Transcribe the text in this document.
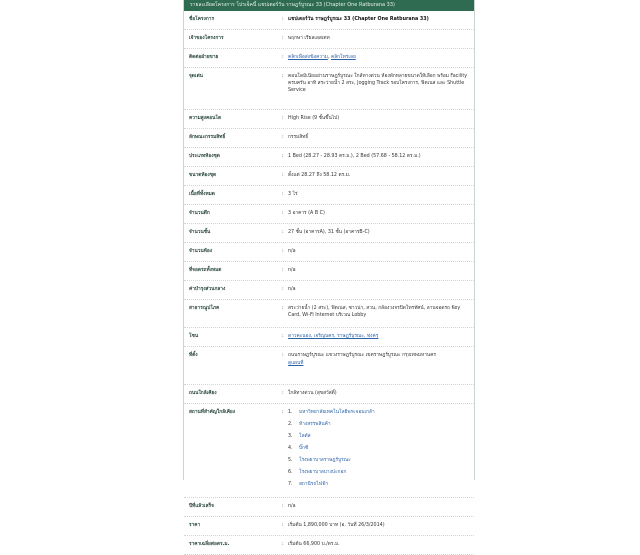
รายละเอียดโครงการ โปรเจ็คนี้ แชปเตอร์วัน ราษฎร์บูรณะ 33 (Chapter One Ratburana 33)
ชื่อโครงการ	: แชปเตอร์วัน ราษฎร์บูรณะ 33 (Chapter One Ratburana 33)
เจ้าของโครงการ	: พฤกษา เรียลเอสเตท
ติดต่อฝ่ายขาย	: คลิกเพื่อส่งข้อความ, คลิกโทรเลย
จุดเด่น	: คอนโดมิเนียมย่านราษฎร์บูรณะ ใกล้ทางด่วน ห้องพักหลายขนาดให้เลือก พร้อม Facility ครบครัน อาทิ สระว่ายน้ำ 2 สระ, Jogging Track รอบโครงการ, ฟิตเนส และ Shuttle Service
ความสูงคอนโด	: High Rise (9 ชั้นขึ้นไป)
ลักษณะกรรมสิทธิ์	: กรรมสิทธิ์
ประเภทห้องชุด	: 1 Bed (28.27 - 28.93 ตร.ม.), 2 Bed (57.68 - 58.12 ตร.ม.)
ขนาดห้องชุด	: ตั้งแต่ 28.27 ถึง 58.12 ตร.ม.
เนื้อที่ทั้งหมด	: 3 ไร่
จำนวนตึก	: 3 อาคาร (A B C)
จำนวนชั้น	: 27 ชั้น (อาคารA), 31 ชั้น (อาคารB-C)
จำนวนห้อง	: n/a
ที่จอดรถทั้งหมด	: n/a
ค่าบำรุงส่วนกลาง	: n/a
สาธารณูปโภค	: สระว่ายน้ำ (2 สระ), ฟิตเนส, ซาวน่า, สวน, กล้องวงจรปิดโทรทัศน์, ลานจอดรถ Key Card, Wi-Fi Internet บริเวณ Lobby
โซน	: ดาวคะนอง, เจริญนคร, ราษฎร์บูรณะ, ทุ่งครุ
ที่ตั้ง	: ถนนราษฎร์บูรณะ แขวงราษฎร์บูรณะ เขตราษฎร์บูรณะ กรุงเทพมหานคร
ดูแผนที่
ถนนใกล้เคียง	: ใกล้ทางด่วน (สุขสวัสดิ์)
สถานที่สำคัญใกล้เคียง	: 1. มหาวิทยาลัยเทคโนโลยีพระจอมเกล้า
2. ห้างสรรพสินค้า
3. โลตัส
4. บิ๊กซี
5. โรงพยาบาลราษฎร์บูรณะ
6. โรงพยาบาลบางปะกอก
7. สถานีรถไฟฟ้า
ปีที่แล้วเสร็จ	: n/a
ราคา	: เริ่มต้น 1,890,000 บาท (อ. วันที่ 26/3/2014)
ราคาเฉลี่ยต่อตร.ม.	: เริ่มต้น 66,900 บ./ตร.ม.
